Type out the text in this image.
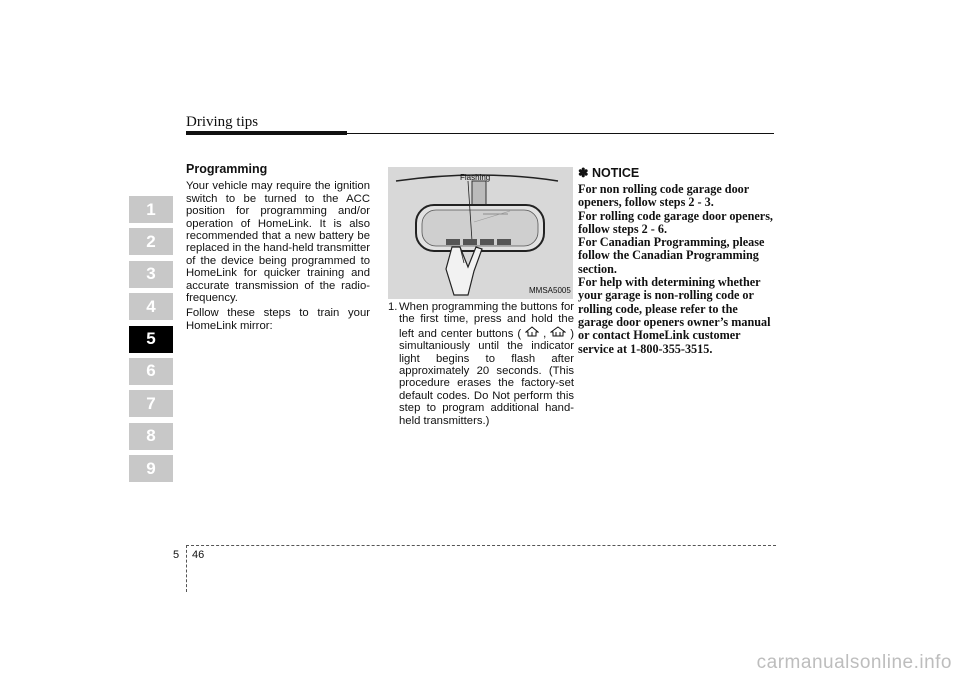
Driving tips
1
2
3
4
5
6
7
8
9
Programming

Your vehicle may require the ignition switch to be turned to the ACC position for programming and/or operation of HomeLink. It is also recommended that a new battery be replaced in the hand-held transmitter of the device being programmed to HomeLink for quicker training and accurate transmission of the radio-frequency.

Follow these steps to train your HomeLink mirror:

Flashing
MMSA5005
1. When programming the buttons for the first time, press and hold the left and center buttons ( , ) simultaniously until the indicator light begins to flash after approximately 20 seconds. (This procedure erases the factory-set default codes. Do Not perform this step to program additional hand-held transmitters.)
✽ NOTICE

For non rolling code garage door openers, follow steps 2 - 3.

For rolling code garage door openers, follow steps 2 - 6.

For Canadian Programming, please follow the Canadian Programming section.

For help with determining whether your garage is non-rolling code or rolling code, please refer to the garage door openers owner’s manual or contact HomeLink customer service at 1-800-355-3515.

5 46
carmanualsonline.info
